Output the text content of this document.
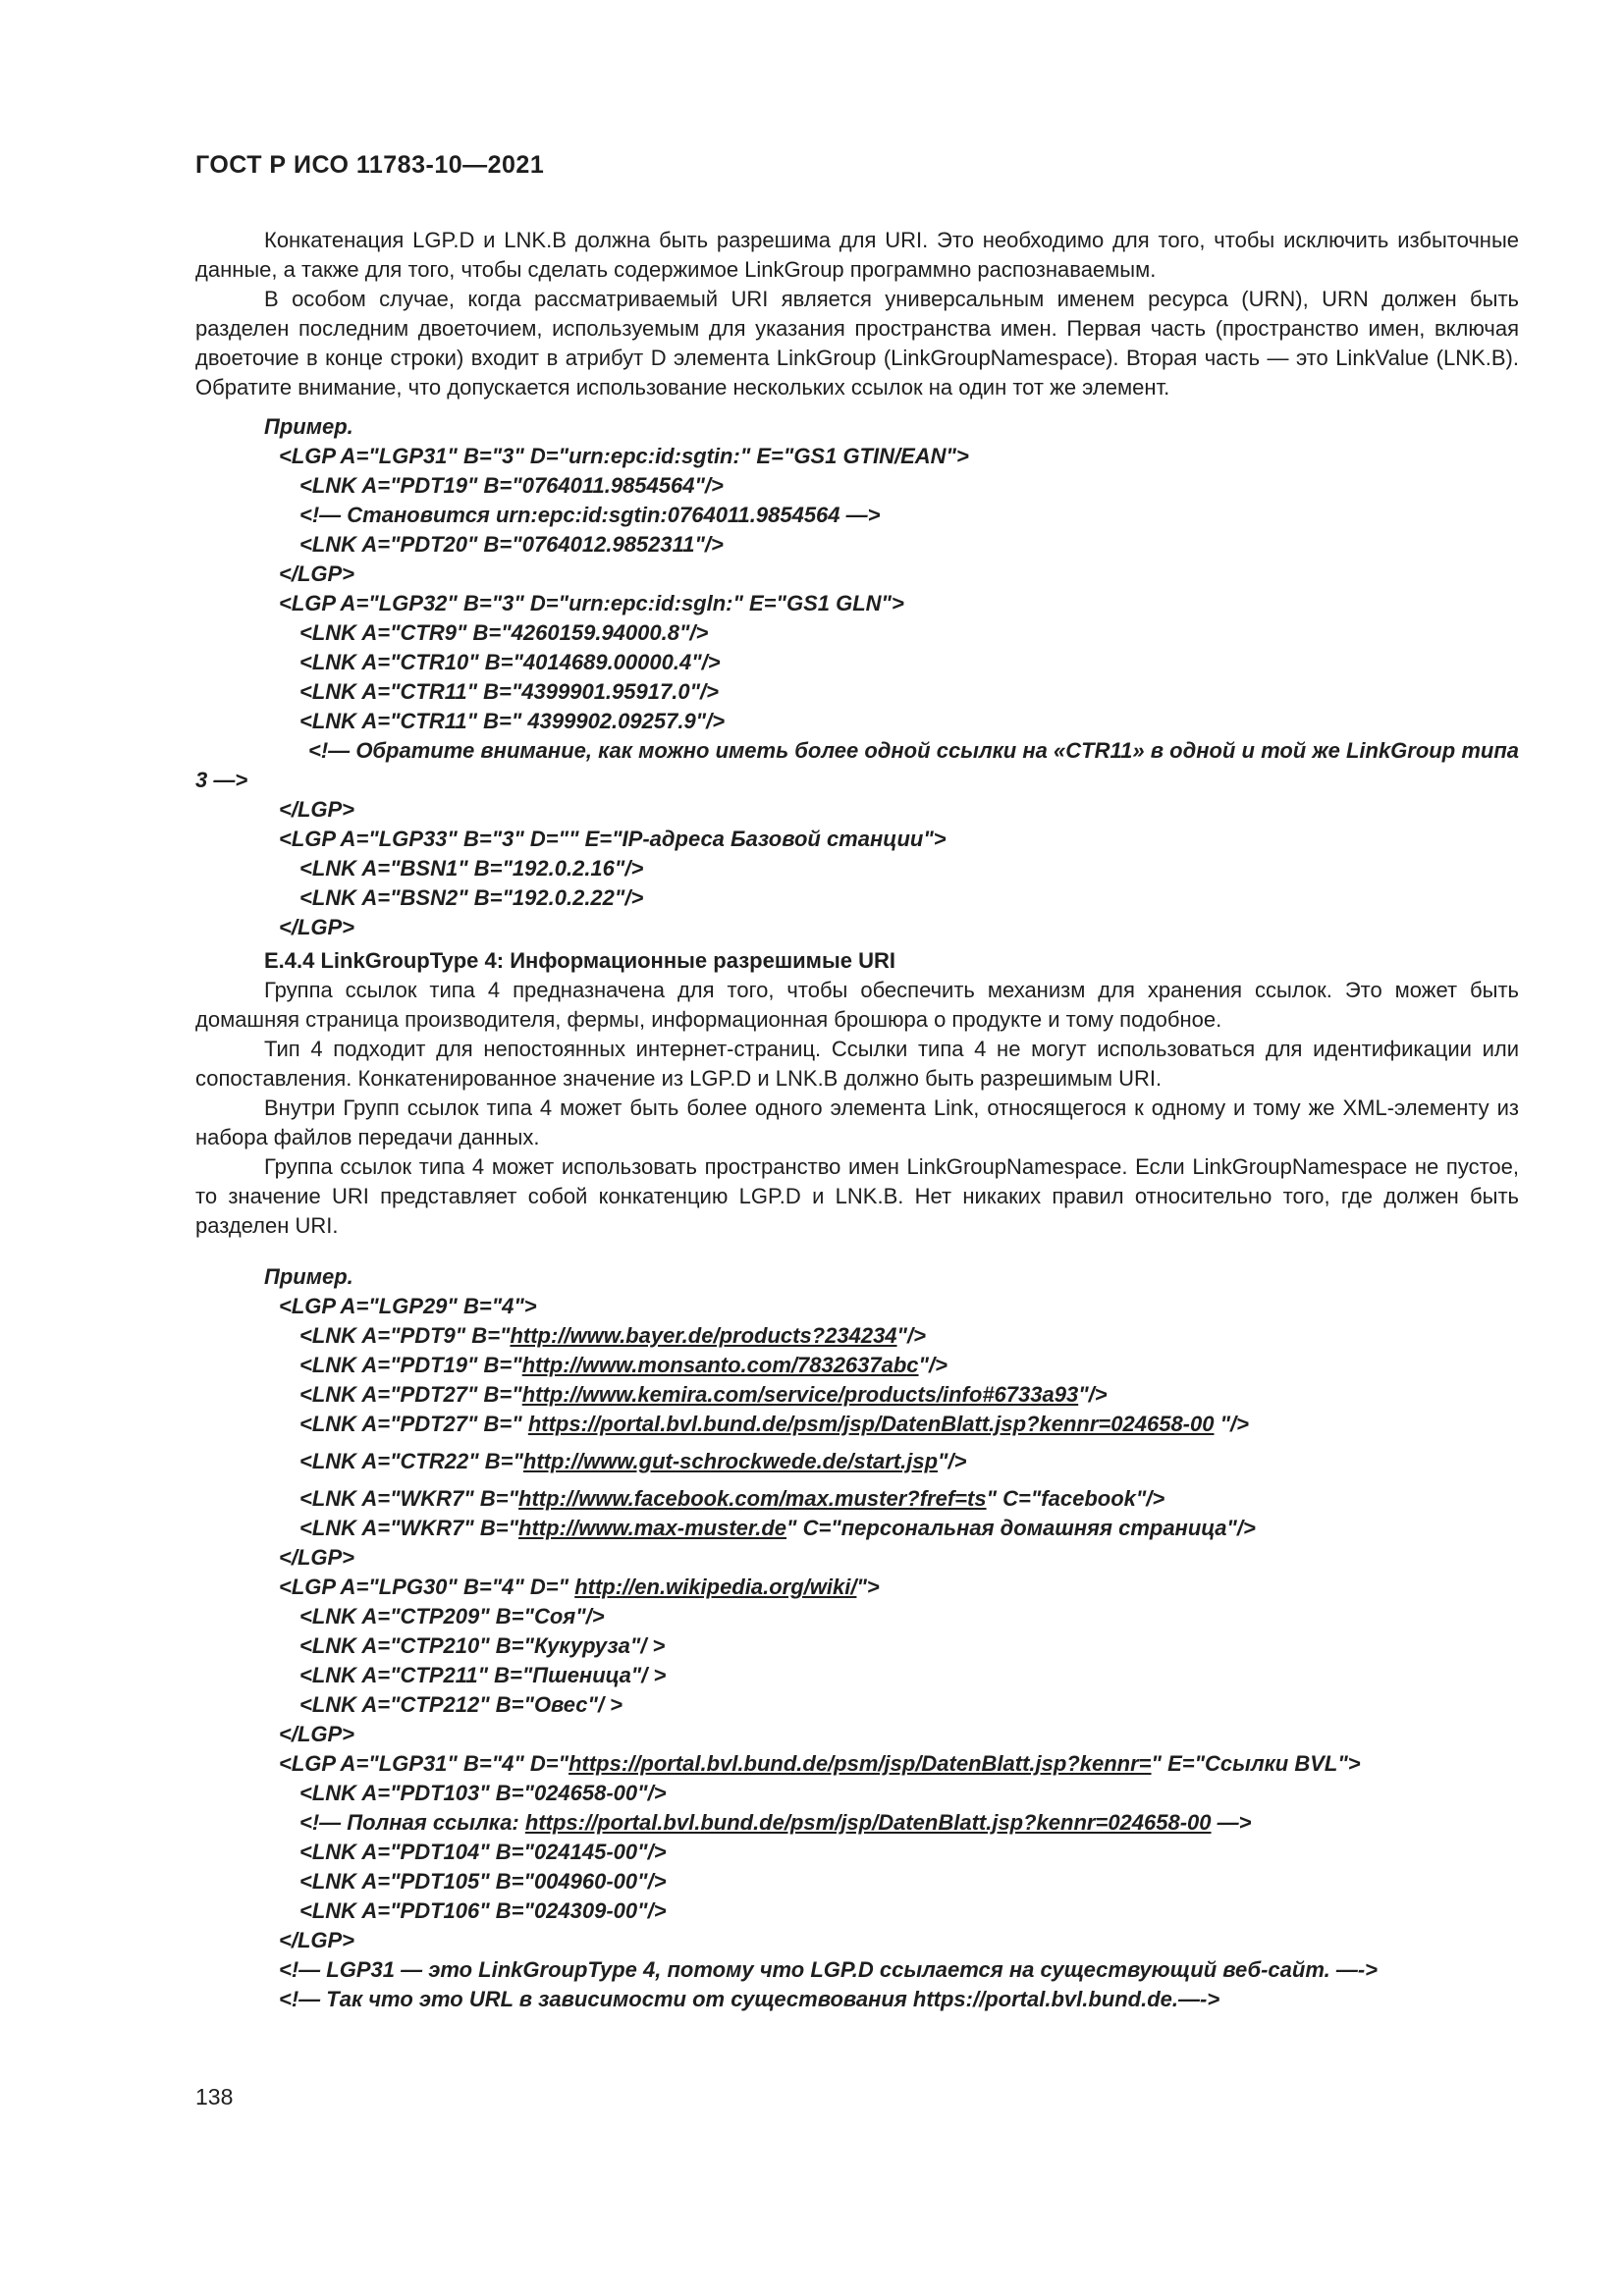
ГОСТ Р ИСО 11783-10—2021

Конкатенация LGP.D и LNK.B должна быть разрешима для URI. Это необходимо для того, чтобы исключить избыточные данные, а также для того, чтобы сделать содержимое LinkGroup программно распознаваемым.

В особом случае, когда рассматриваемый URI является универсальным именем ресурса (URN), URN должен быть разделен последним двоеточием, используемым для указания пространства имен. Первая часть (пространство имен, включая двоеточие в конце строки) входит в атрибут D элемента LinkGroup (LinkGroupNamespace). Вторая часть — это LinkValue (LNK.B). Обратите внимание, что допускается использование нескольких ссылок на один тот же элемент.

Пример.
<LGP A="LGP31" B="3" D="urn:epc:id:sgtin:" E="GS1 GTIN/EAN">
<LNK A="PDT19" B="0764011.9854564"/>
<!— Становится urn:epc:id:sgtin:0764011.9854564 —>
<LNK A="PDT20" B="0764012.9852311"/>
</LGP>
<LGP A="LGP32" B="3" D="urn:epc:id:sgln:" E="GS1 GLN">
<LNK A="CTR9" B="4260159.94000.8"/>
<LNK A="CTR10" B="4014689.00000.4"/>
<LNK A="CTR11" B="4399901.95917.0"/>
<LNK A="CTR11" B=" 4399902.09257.9"/>
<!— Обратите внимание, как можно иметь более одной ссылки на «CTR11» в одной и той же LinkGroup типа 3 —>
</LGP>
<LGP A="LGP33" B="3" D="" E="IP-адреса Базовой станции">
<LNK A="BSN1" B="192.0.2.16"/>
<LNK A="BSN2" B="192.0.2.22"/>
</LGP>
E.4.4 LinkGroupType 4: Информационные разрешимые URI

Группа ссылок типа 4 предназначена для того, чтобы обеспечить механизм для хранения ссылок. Это может быть домашняя страница производителя, фермы, информационная брошюра о продукте и тому подобное.

Тип 4 подходит для непостоянных интернет-страниц. Ссылки типа 4 не могут использоваться для идентификации или сопоставления. Конкатенированное значение из LGP.D и LNK.B должно быть разрешимым URI.

Внутри Групп ссылок типа 4 может быть более одного элемента Link, относящегося к одному и тому же XML-элементу из набора файлов передачи данных.

Группа ссылок типа 4 может использовать пространство имен LinkGroupNamespace. Если LinkGroupNamespace не пустое, то значение URI представляет собой конкатенцию LGP.D и LNK.B. Нет никаких правил относительно того, где должен быть разделен URI.

Пример.
<LGP A="LGP29" B="4">
<LNK A="PDT9" B="http://www.bayer.de/products?234234"/>
<LNK A="PDT19" B="http://www.monsanto.com/7832637abc"/>
<LNK A="PDT27" B="http://www.kemira.com/service/products/info#6733a93"/>
<LNK A="PDT27" B=" https://portal.bvl.bund.de/psm/jsp/DatenBlatt.jsp?kennr=024658-00 "/>
<LNK A="CTR22" B="http://www.gut-schrockwede.de/start.jsp"/>
<LNK A="WKR7" B="http://www.facebook.com/max.muster?fref=ts" C="facebook"/>
<LNK A="WKR7" B="http://www.max-muster.de" C="персональная домашняя страница"/>
</LGP>
<LGP A="LPG30" B="4" D=" http://en.wikipedia.org/wiki/">
<LNK A="CTP209" B="Соя"/>
<LNK A="CTP210" B="Кукуруза"/ >
<LNK A="CTP211" B="Пшеница"/ >
<LNK A="CTP212" B="Овес"/ >
</LGP>
<LGP A="LGP31" B="4" D="https://portal.bvl.bund.de/psm/jsp/DatenBlatt.jsp?kennr=" E="Ссылки BVL">
<LNK A="PDT103" B="024658-00"/>
<!— Полная ссылка: https://portal.bvl.bund.de/psm/jsp/DatenBlatt.jsp?kennr=024658-00 —>
<LNK A="PDT104" B="024145-00"/>
<LNK A="PDT105" B="004960-00"/>
<LNK A="PDT106" B="024309-00"/>
</LGP>
<!— LGP31 — это LinkGroupType 4, потому что LGP.D ссылается на существующий веб-сайт. —->
<!— Так что это URL в зависимости от существования https://portal.bvl.bund.de.—->
138
